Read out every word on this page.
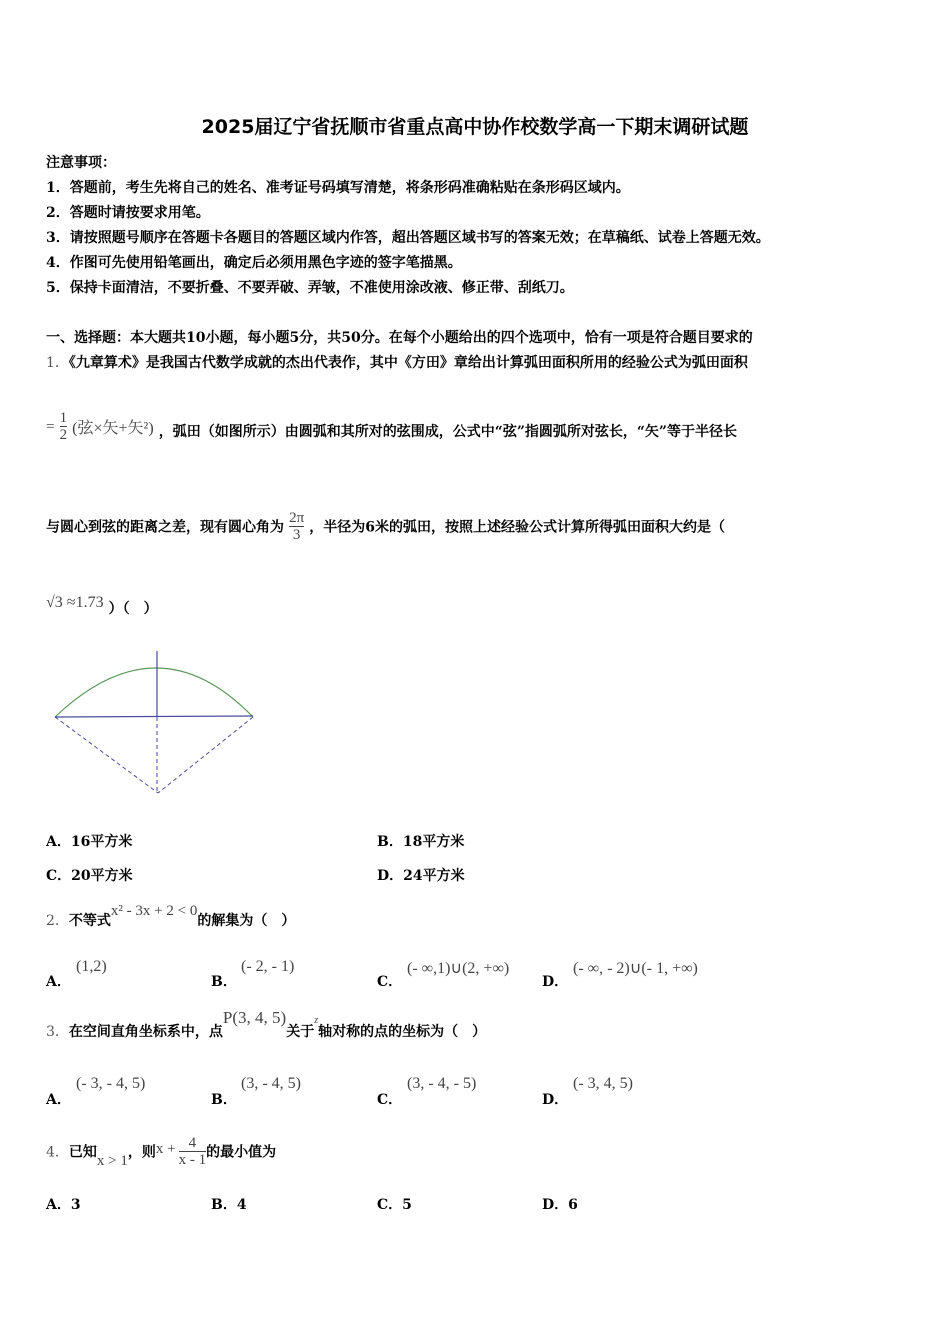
2025届辽宁省抚顺市省重点高中协作校数学高一下期末调研试题
注意事项：
1．答题前，考生先将自己的姓名、准考证号码填写清楚，将条形码准确粘贴在条形码区域内。
2．答题时请按要求用笔。
3．请按照题号顺序在答题卡各题目的答题区域内作答，超出答题区域书写的答案无效；在草稿纸、试卷上答题无效。
4．作图可先使用铅笔画出，确定后必须用黑色字迹的签字笔描黑。
5．保持卡面清洁，不要折叠、不要弄破、弄皱，不准使用涂改液、修正带、刮纸刀。
一、选择题：本大题共10小题，每小题5分，共50分。在每个小题给出的四个选项中，恰有一项是符合题目要求的
1．《九章算术》是我国古代数学成就的杰出代表作，其中《方田》章给出计算弧田面积所用的经验公式为弧田面积
= $\frac{1}{2}$ (弦×矢+矢²) ，弧田（如图所示）由圆弧和其所对的弦围成，公式中“弦”指圆弧所对弦长，“矢”等于半径长
与圆心到弦的距离之差，现有圆心角为 $\frac{2\pi}{3}$ ，半径为6米的弧田，按照上述经验公式计算所得弧田面积大约是（
√3 ≈1.73 ）（　）
A．16平方米	B．18平方米
C．20平方米	D．24平方米
2．不等式x² - 3x + 2 < 0的解集为（　）
A．
(1,2)
B．
(- 2, - 1)
C．
(- ∞,1)∪(2, +∞)
D．
(- ∞, - 2)∪(- 1, +∞)
3．在空间直角坐标系中，点P(3, 4, 5)关于$^z$轴对称的点的坐标为（　）
A．
(- 3, - 4, 5)
B．
(3, - 4, 5)
C．
(3, - 4, - 5)
D．
(- 3, 4, 5)
4．已知x > 1，则$x + \frac{4}{x - 1}$ 的最小值为
A．3	B．4	C．5	D．6
